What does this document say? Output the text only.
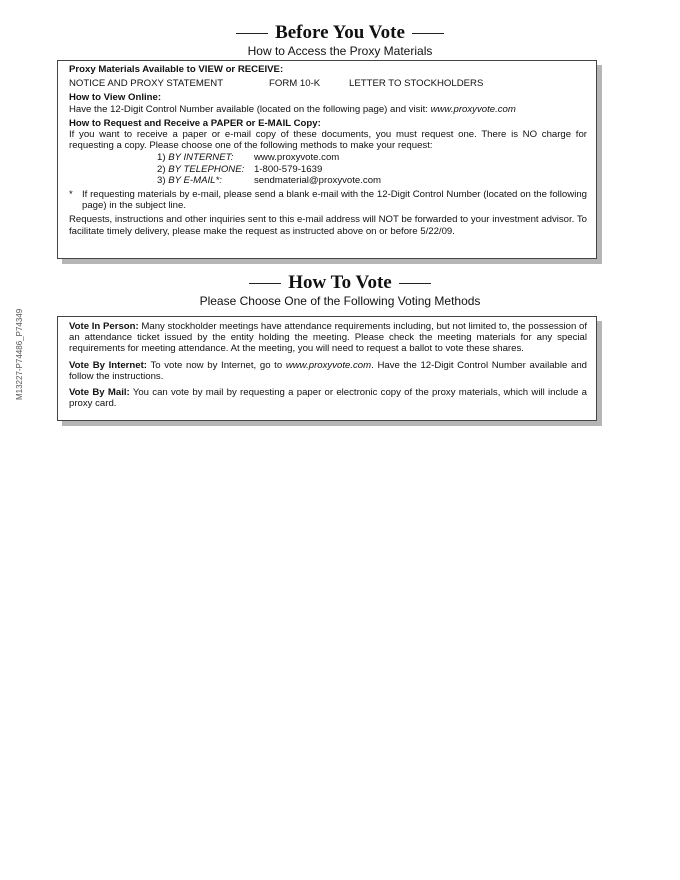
M13227-P74486_P74349
Before You Vote
How to Access the Proxy Materials

Proxy Materials Available to VIEW or RECEIVE:

NOTICE AND PROXY STATEMENT	FORM 10-K	LETTER TO STOCKHOLDERS

How to View Online:

Have the 12-Digit Control Number available (located on the following page) and visit: www.proxyvote.com

How to Request and Receive a PAPER or E-MAIL Copy:

If you want to receive a paper or e-mail copy of these documents, you must request one. There is NO charge for requesting a copy. Please choose one of the following methods to make your request:

1) BY INTERNET:	www.proxyvote.com
2) BY TELEPHONE:	1-800-579-1639
3) BY E-MAIL*:	sendmaterial@proxyvote.com
* If requesting materials by e-mail, please send a blank e-mail with the 12-Digit Control Number (located on the following page) in the subject line.

Requests, instructions and other inquiries sent to this e-mail address will NOT be forwarded to your investment advisor. To facilitate timely delivery, please make the request as instructed above on or before 5/22/09.

How To Vote
Please Choose One of the Following Voting Methods

Vote In Person: Many stockholder meetings have attendance requirements including, but not limited to, the possession of an attendance ticket issued by the entity holding the meeting. Please check the meeting materials for any special requirements for meeting attendance. At the meeting, you will need to request a ballot to vote these shares.

Vote By Internet: To vote now by Internet, go to www.proxyvote.com. Have the 12-Digit Control Number available and follow the instructions.

Vote By Mail: You can vote by mail by requesting a paper or electronic copy of the proxy materials, which will include a proxy card.
